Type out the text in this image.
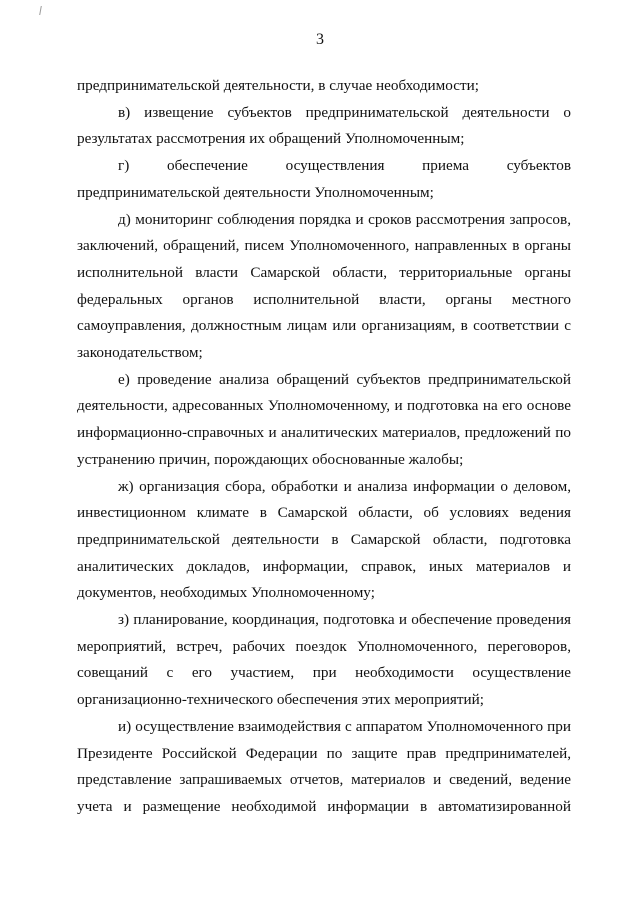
3

предпринимательской деятельности, в случае необходимости;

в) извещение субъектов предпринимательской деятельности о результатах рассмотрения их обращений Уполномоченным;

г) обеспечение осуществления приема субъектов предпринимательской деятельности Уполномоченным;

д) мониторинг соблюдения порядка и сроков рассмотрения запросов, заключений, обращений, писем Уполномоченного, направленных в органы исполнительной власти Самарской области, территориальные органы федеральных органов исполнительной власти, органы местного самоуправления, должностным лицам или организациям, в соответствии с законодательством;

е) проведение анализа обращений субъектов предпринимательской деятельности, адресованных Уполномоченному, и подготовка на его основе информационно-справочных и аналитических материалов, предложений по устранению причин, порождающих обоснованные жалобы;

ж) организация сбора, обработки и анализа информации о деловом, инвестиционном климате в Самарской области, об условиях ведения предпринимательской деятельности в Самарской области, подготовка аналитических докладов, информации, справок, иных материалов и документов, необходимых Уполномоченному;

з) планирование, координация, подготовка и обеспечение проведения мероприятий, встреч, рабочих поездок Уполномоченного, переговоров, совещаний с его участием, при необходимости осуществление организационно-технического обеспечения этих мероприятий;

и) осуществление взаимодействия с аппаратом Уполномоченного при Президенте Российской Федерации по защите прав предпринимателей, представление запрашиваемых отчетов, материалов и сведений, ведение учета и размещение необходимой информации в автоматизированной
